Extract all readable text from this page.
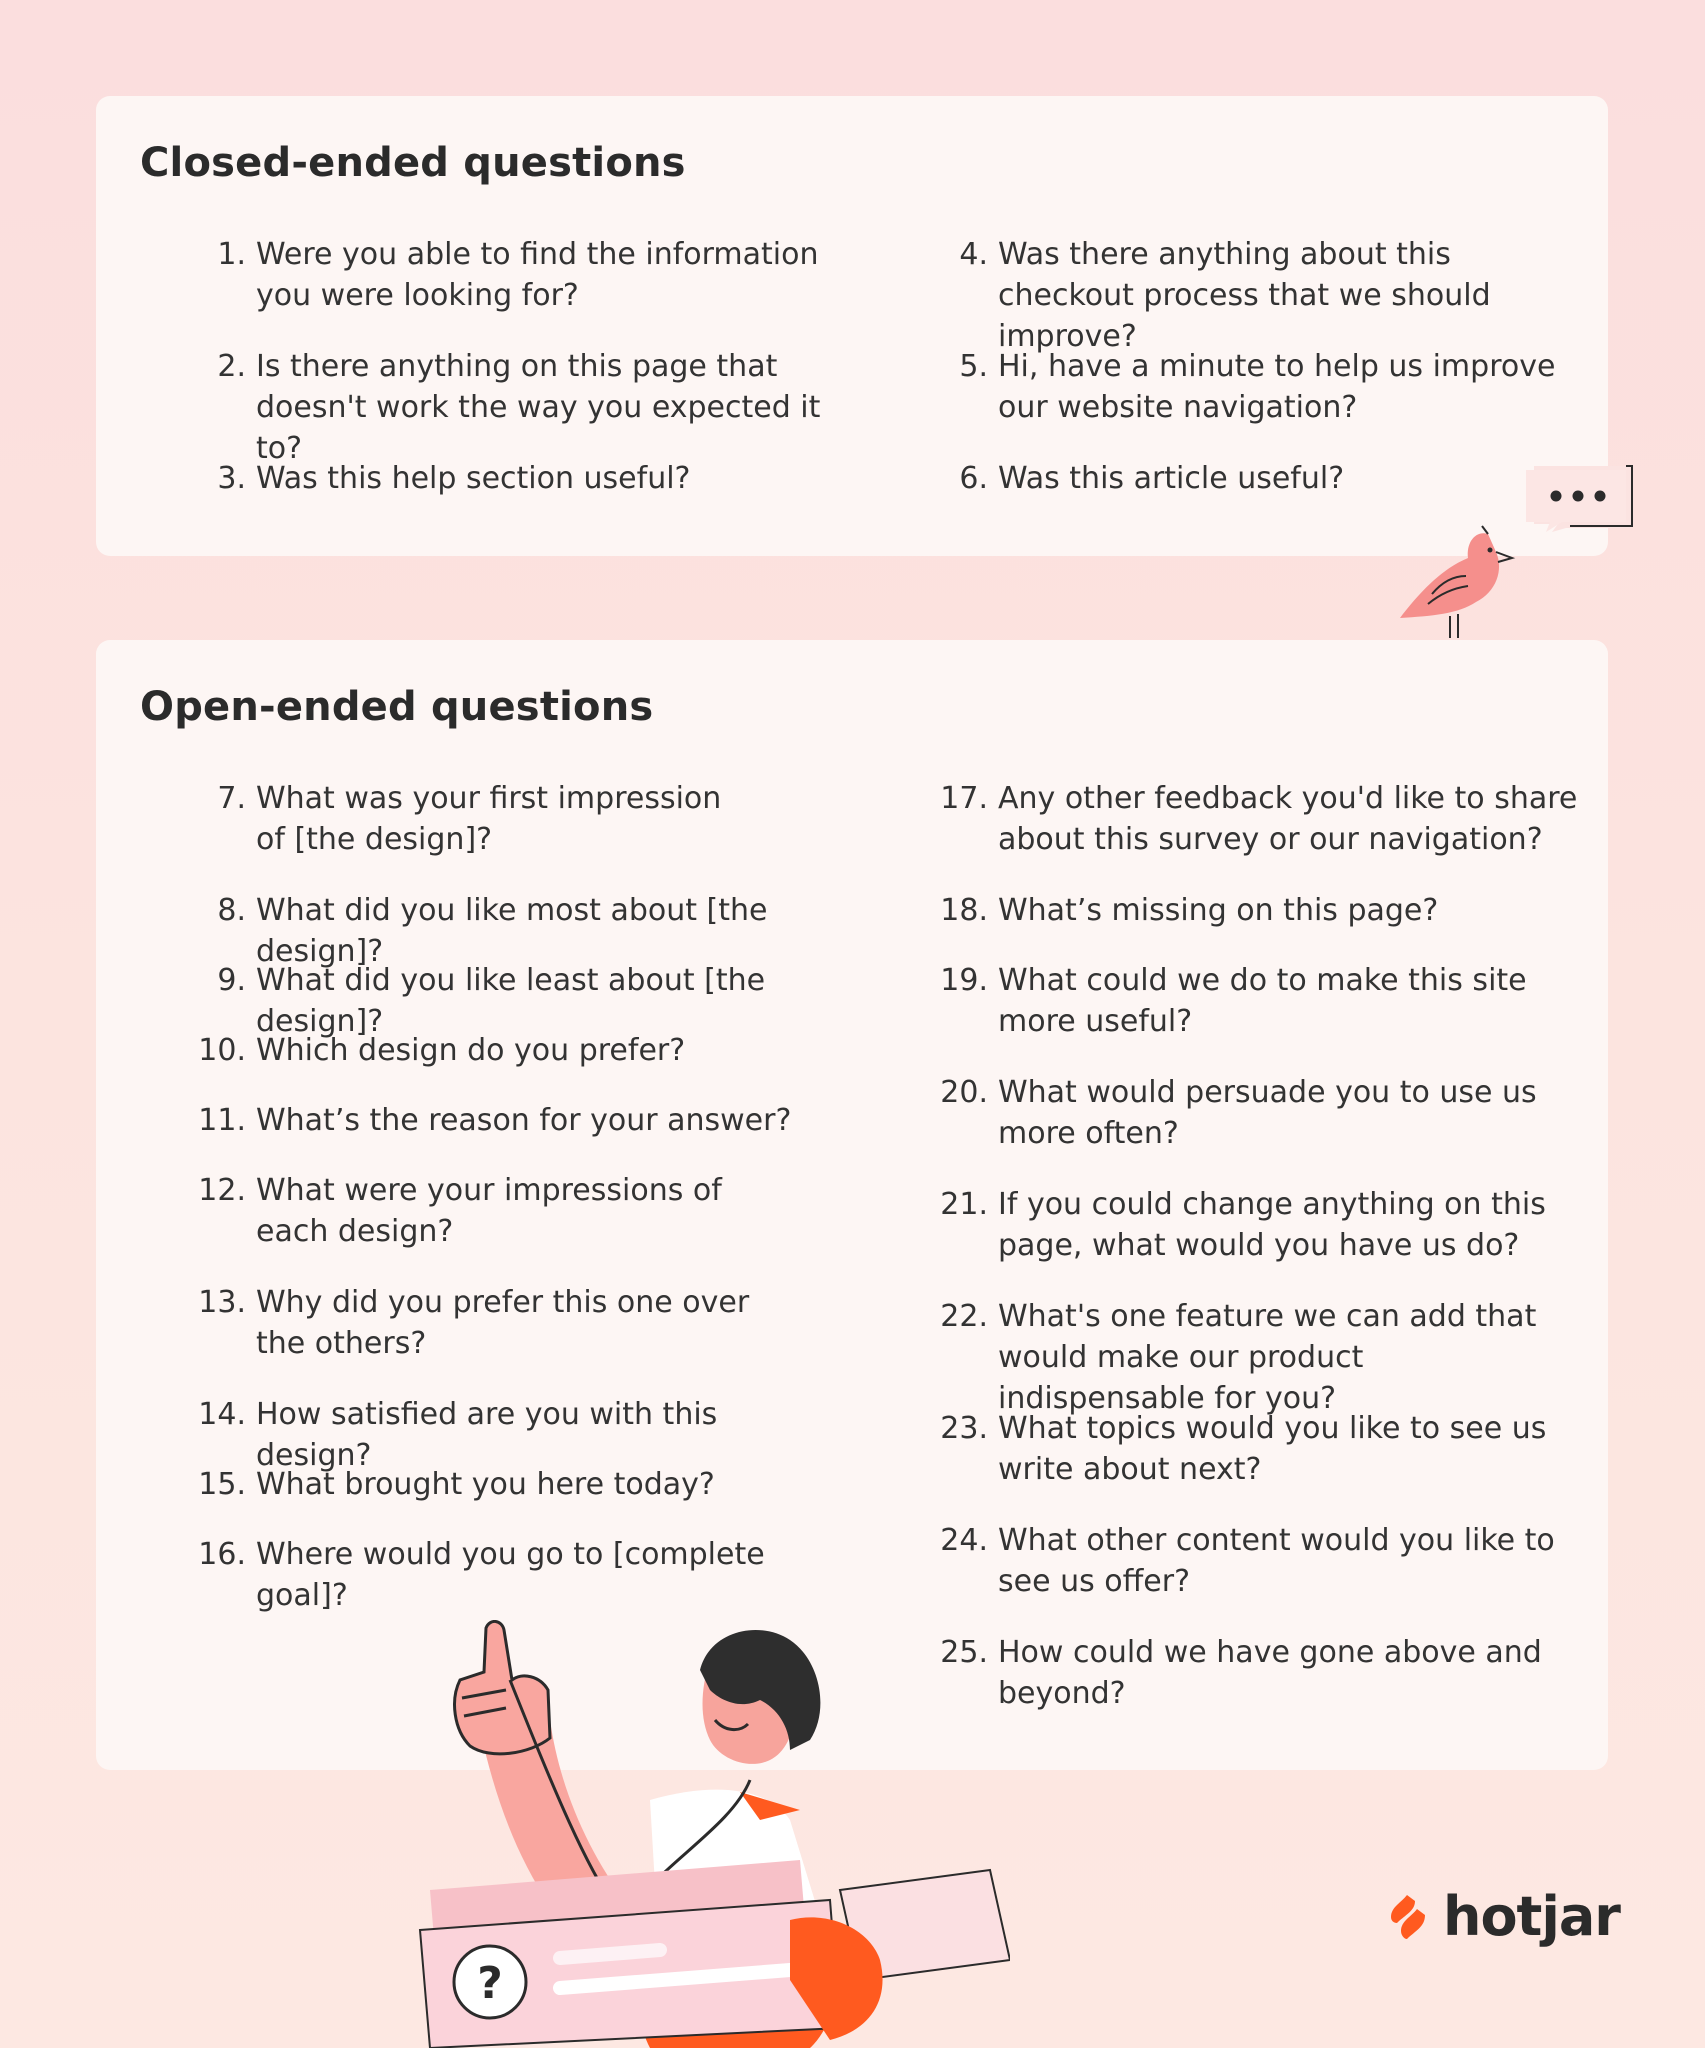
Closed-ended questions
1. Were you able to find the information you were looking for?
2. Is there anything on this page that doesn't work the way you expected it to?
3. Was this help section useful?
4. Was there anything about this checkout process that we should improve?
5. Hi, have a minute to help us improve our website navigation?
6. Was this article useful?
Open-ended questions
7. What was your first impression of [the design]?
8. What did you like most about [the design]?
9. What did you like least about [the design]?
10. Which design do you prefer?
11. What’s the reason for your answer?
12. What were your impressions of each design?
13. Why did you prefer this one over the others?
14. How satisfied are you with this design?
15. What brought you here today?
16. Where would you go to [complete goal]?
17. Any other feedback you'd like to share about this survey or our navigation?
18. What’s missing on this page?
19. What could we do to make this site more useful?
20. What would persuade you to use us more often?
21. If you could change anything on this page, what would you have us do?
22. What's one feature we can add that would make our product indispensable for you?
23. What topics would you like to see us write about next?
24. What other content would you like to see us offer?
25. How could we have gone above and beyond?
?
hotjar
